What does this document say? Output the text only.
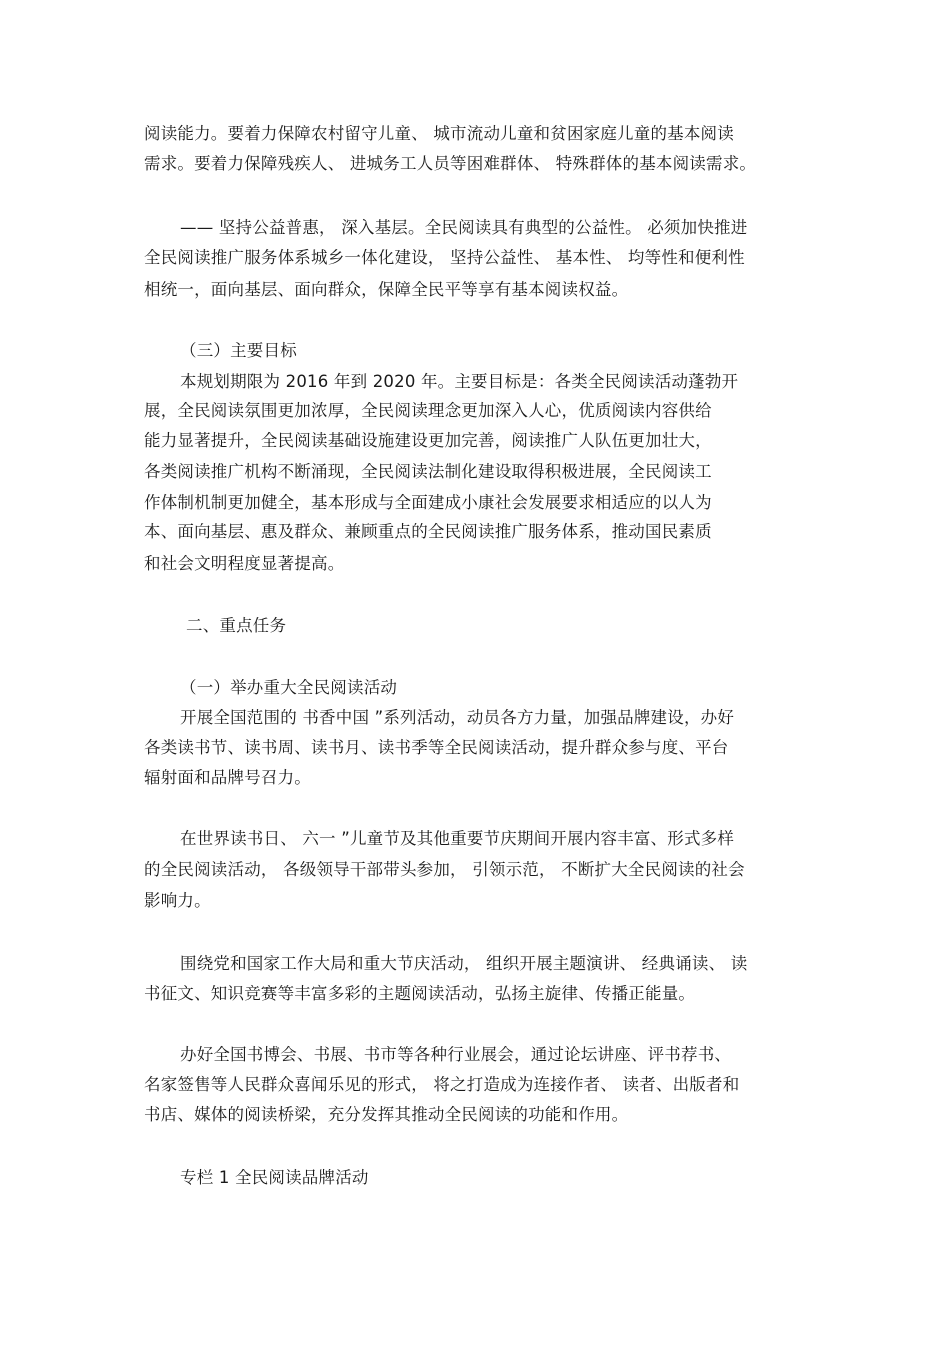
阅读能力。要着力保障农村留守儿童、 城市流动儿童和贫困家庭儿童的基本阅读
需求。要着力保障残疾人、 进城务工人员等困难群体、 特殊群体的基本阅读需求。
—— 坚持公益普惠， 深入基层。全民阅读具有典型的公益性。 必须加快推进
全民阅读推广服务体系城乡一体化建设， 坚持公益性、 基本性、 均等性和便利性
相统一，面向基层、面向群众，保障全民平等享有基本阅读权益。
（三）主要目标
本规划期限为 2016 年到 2020 年。主要目标是：各类全民阅读活动蓬勃开
展，全民阅读氛围更加浓厚，全民阅读理念更加深入人心，优质阅读内容供给
能力显著提升，全民阅读基础设施建设更加完善，阅读推广人队伍更加壮大，
各类阅读推广机构不断涌现，全民阅读法制化建设取得积极进展，全民阅读工
作体制机制更加健全，基本形成与全面建成小康社会发展要求相适应的以人为
本、面向基层、惠及群众、兼顾重点的全民阅读推广服务体系，推动国民素质
和社会文明程度显著提高。
二、重点任务
（一）举办重大全民阅读活动
开展全国范围的 书香中国 ”系列活动，动员各方力量，加强品牌建设，办好
各类读书节、读书周、读书月、读书季等全民阅读活动，提升群众参与度、平台
辐射面和品牌号召力。
在世界读书日、 六一 ”儿童节及其他重要节庆期间开展内容丰富、形式多样
的全民阅读活动， 各级领导干部带头参加， 引领示范， 不断扩大全民阅读的社会
影响力。
围绕党和国家工作大局和重大节庆活动， 组织开展主题演讲、 经典诵读、 读
书征文、知识竞赛等丰富多彩的主题阅读活动，弘扬主旋律、传播正能量。
办好全国书博会、书展、书市等各种行业展会，通过论坛讲座、评书荐书、
名家签售等人民群众喜闻乐见的形式， 将之打造成为连接作者、 读者、出版者和
书店、媒体的阅读桥梁，充分发挥其推动全民阅读的功能和作用。
专栏 1 全民阅读品牌活动
